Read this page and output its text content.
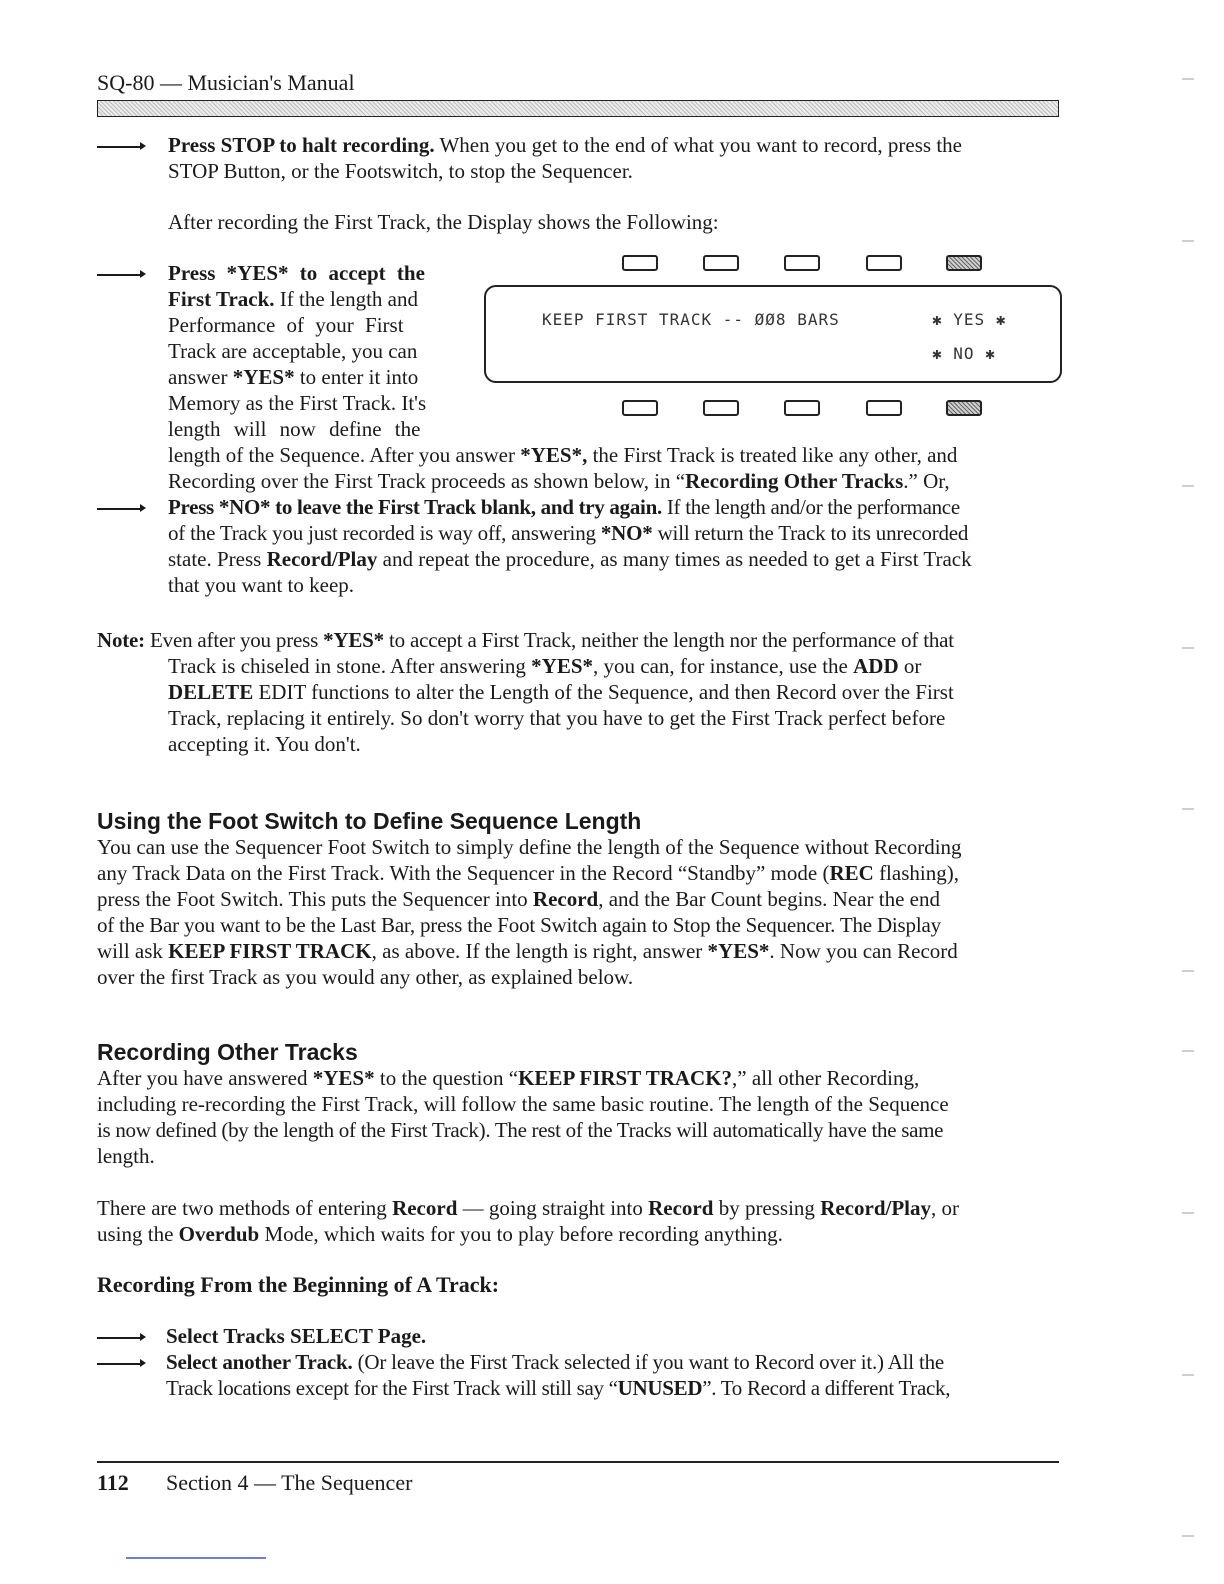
SQ-80 — Musician's Manual
Press STOP to halt recording. When you get to the end of what you want to record, press the
STOP Button, or the Footswitch, to stop the Sequencer.
After recording the First Track, the Display shows the Following:
Press *YES* to accept the
First Track. If the length and
Performance of your First
Track are acceptable, you can
answer *YES* to enter it into
Memory as the First Track. It's
length will now define the
length of the Sequence. After you answer *YES*, the First Track is treated like any other, and
Recording over the First Track proceeds as shown below, in “Recording Other Tracks.” Or,
KEEP FIRST TRACK -- ØØ8 BARS	✱ YES ✱
✱ NO ✱
Press *NO* to leave the First Track blank, and try again. If the length and/or the performance
of the Track you just recorded is way off, answering *NO* will return the Track to its unrecorded
state. Press Record/Play and repeat the procedure, as many times as needed to get a First Track
that you want to keep.
Note: Even after you press *YES* to accept a First Track, neither the length nor the performance of that
Track is chiseled in stone. After answering *YES*, you can, for instance, use the ADD or
DELETE EDIT functions to alter the Length of the Sequence, and then Record over the First
Track, replacing it entirely. So don't worry that you have to get the First Track perfect before
accepting it. You don't.
Using the Foot Switch to Define Sequence Length
You can use the Sequencer Foot Switch to simply define the length of the Sequence without Recording
any Track Data on the First Track. With the Sequencer in the Record “Standby” mode (REC flashing),
press the Foot Switch. This puts the Sequencer into Record, and the Bar Count begins. Near the end
of the Bar you want to be the Last Bar, press the Foot Switch again to Stop the Sequencer. The Display
will ask KEEP FIRST TRACK, as above. If the length is right, answer *YES*. Now you can Record
over the first Track as you would any other, as explained below.
Recording Other Tracks
After you have answered *YES* to the question “KEEP FIRST TRACK?,” all other Recording,
including re-recording the First Track, will follow the same basic routine. The length of the Sequence
is now defined (by the length of the First Track). The rest of the Tracks will automatically have the same
length.
There are two methods of entering Record — going straight into Record by pressing Record/Play, or
using the Overdub Mode, which waits for you to play before recording anything.
Recording From the Beginning of A Track:
Select Tracks SELECT Page.
Select another Track. (Or leave the First Track selected if you want to Record over it.) All the
Track locations except for the First Track will still say “UNUSED”. To Record a different Track,
112 Section 4 — The Sequencer
